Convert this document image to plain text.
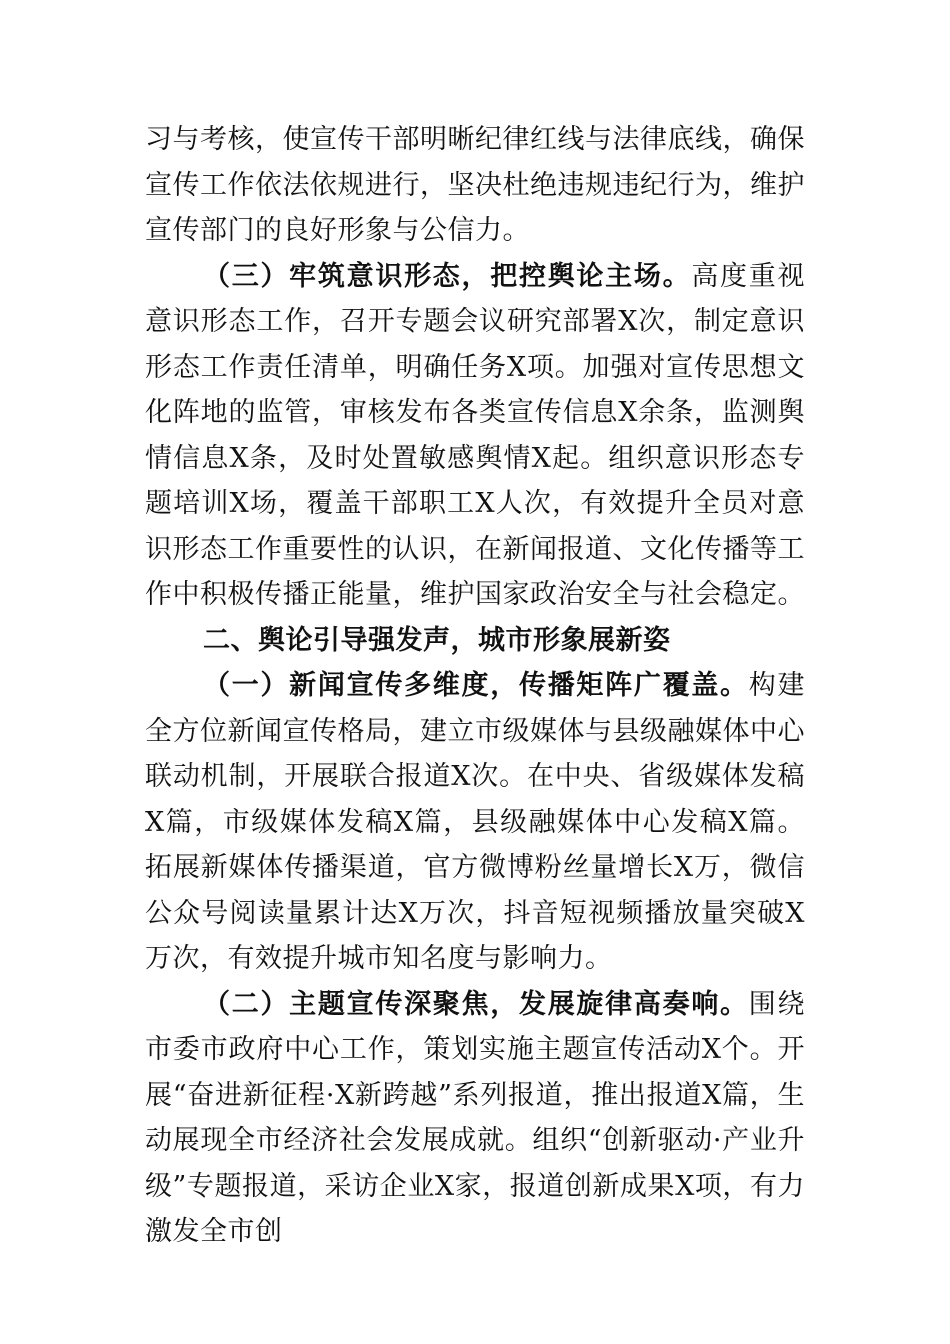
习与考核，使宣传干部明晰纪律红线与法律底线，确保宣传工作依法依规进行，坚决杜绝违规违纪行为，维护宣传部门的良好形象与公信力。

（三）牢筑意识形态，把控舆论主场。高度重视意识形态工作，召开专题会议研究部署X次，制定意识形态工作责任清单，明确任务X项。加强对宣传思想文化阵地的监管，审核发布各类宣传信息X余条，监测舆情信息X条，及时处置敏感舆情X起。组织意识形态专题培训X场，覆盖干部职工X人次，有效提升全员对意识形态工作重要性的认识，在新闻报道、文化传播等工作中积极传播正能量，维护国家政治安全与社会稳定。

二、舆论引导强发声，城市形象展新姿

（一）新闻宣传多维度，传播矩阵广覆盖。构建全方位新闻宣传格局，建立市级媒体与县级融媒体中心联动机制，开展联合报道X次。在中央、省级媒体发稿X篇，市级媒体发稿X篇，县级融媒体中心发稿X篇。拓展新媒体传播渠道，官方微博粉丝量增长X万，微信公众号阅读量累计达X万次，抖音短视频播放量突破X万次，有效提升城市知名度与影响力。

（二）主题宣传深聚焦，发展旋律高奏响。围绕市委市政府中心工作，策划实施主题宣传活动X个。开展“奋进新征程·X新跨越”系列报道，推出报道X篇，生动展现全市经济社会发展成就。组织“创新驱动·产业升级”专题报道，采访企业X家，报道创新成果X项，有力激发全市创
